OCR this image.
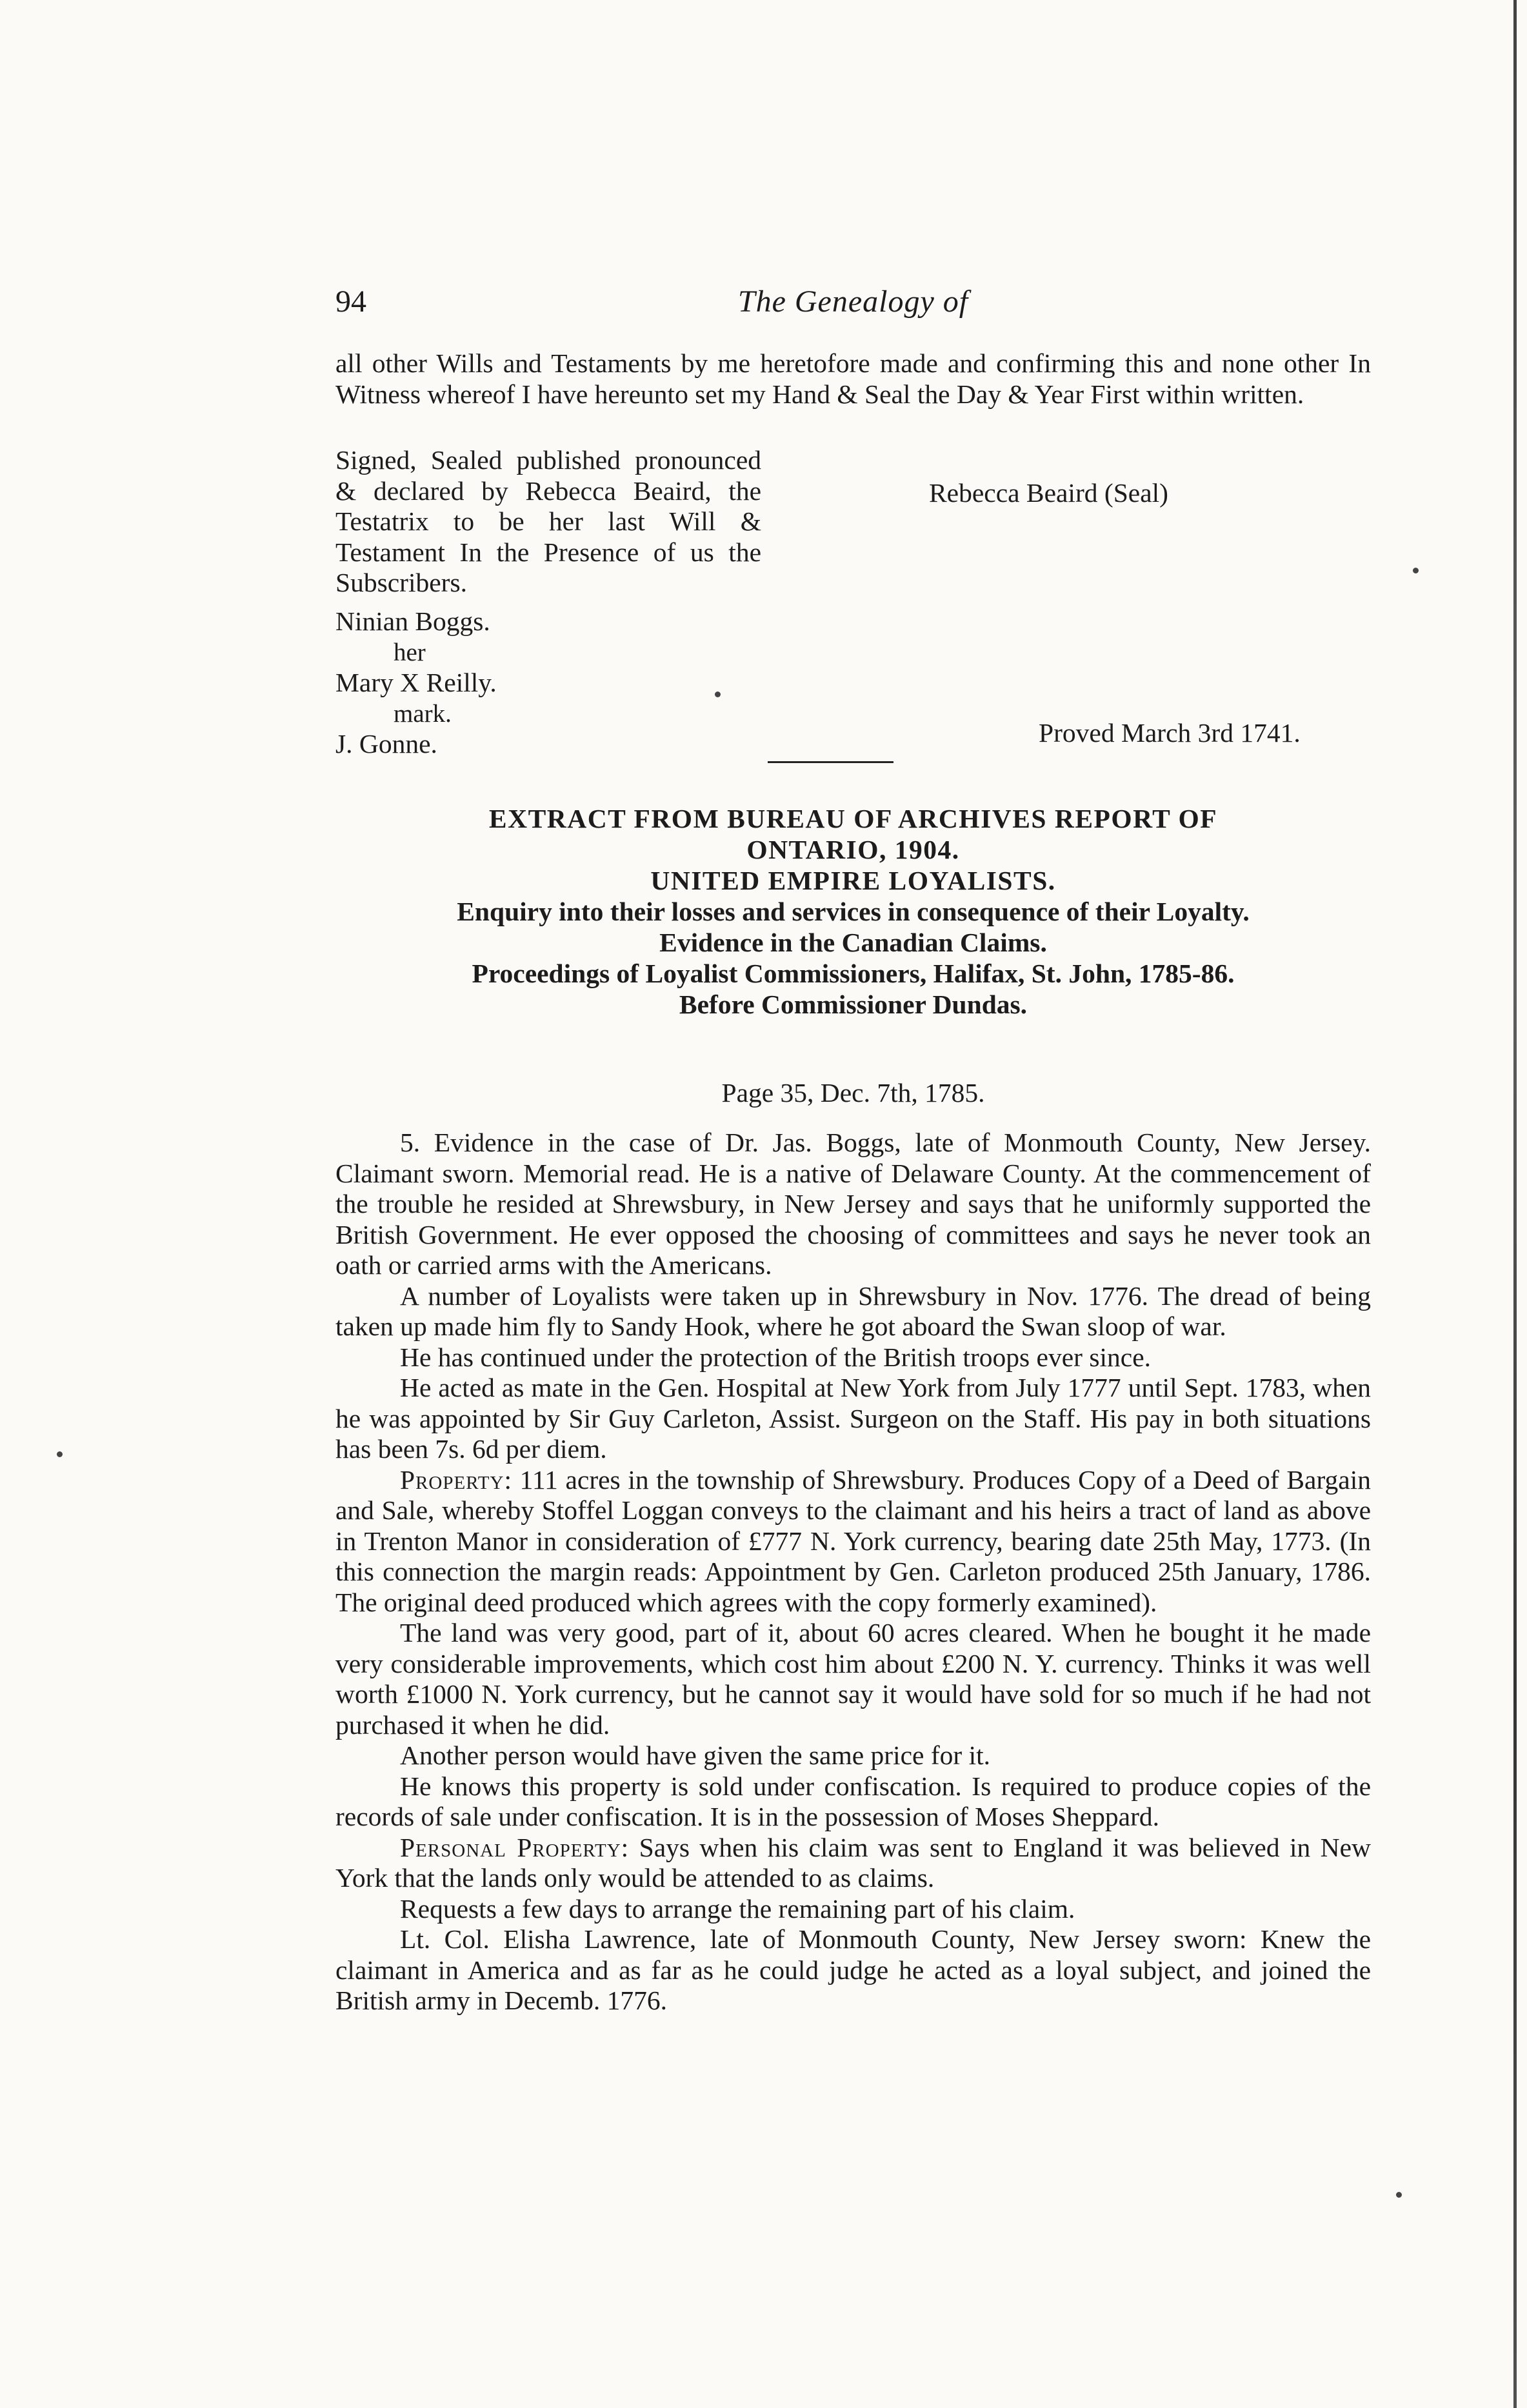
94	The Genealogy of

all other Wills and Testaments by me heretofore made and confirming this and none other In Witness whereof I have hereunto set my Hand & Seal the Day & Year First within written.

Signed, Sealed published pronounced & declared by Rebecca Beaird, the Testatrix to be her last Will & Testament In the Presence of us the Subscribers.
Rebecca Beaird (Seal)
Ninian Boggs.
her
Mary X Reilly.
mark.
J. Gonne.	Proved March 3rd 1741.
EXTRACT FROM BUREAU OF ARCHIVES REPORT OF
ONTARIO, 1904.
UNITED EMPIRE LOYALISTS.
Enquiry into their losses and services in consequence of their Loyalty.
Evidence in the Canadian Claims.
Proceedings of Loyalist Commissioners, Halifax, St. John, 1785-86.
Before Commissioner Dundas.
Page 35, Dec. 7th, 1785.

5. Evidence in the case of Dr. Jas. Boggs, late of Monmouth County, New Jersey. Claimant sworn. Memorial read. He is a native of Delaware County. At the commencement of the trouble he resided at Shrewsbury, in New Jersey and says that he uniformly supported the British Government. He ever opposed the choosing of committees and says he never took an oath or carried arms with the Americans.

A number of Loyalists were taken up in Shrewsbury in Nov. 1776. The dread of being taken up made him fly to Sandy Hook, where he got aboard the Swan sloop of war.

He has continued under the protection of the British troops ever since.

He acted as mate in the Gen. Hospital at New York from July 1777 until Sept. 1783, when he was appointed by Sir Guy Carleton, Assist. Surgeon on the Staff. His pay in both situations has been 7s. 6d per diem.

Property: 111 acres in the township of Shrewsbury. Produces Copy of a Deed of Bargain and Sale, whereby Stoffel Loggan conveys to the claimant and his heirs a tract of land as above in Trenton Manor in consideration of £777 N. York currency, bearing date 25th May, 1773. (In this connection the margin reads: Appointment by Gen. Carleton produced 25th January, 1786. The original deed produced which agrees with the copy formerly examined).

The land was very good, part of it, about 60 acres cleared. When he bought it he made very considerable improvements, which cost him about £200 N. Y. currency. Thinks it was well worth £1000 N. York currency, but he cannot say it would have sold for so much if he had not purchased it when he did.

Another person would have given the same price for it.

He knows this property is sold under confiscation. Is required to produce copies of the records of sale under confiscation. It is in the possession of Moses Sheppard.

Personal Property: Says when his claim was sent to England it was believed in New York that the lands only would be attended to as claims.

Requests a few days to arrange the remaining part of his claim.

Lt. Col. Elisha Lawrence, late of Monmouth County, New Jersey sworn: Knew the claimant in America and as far as he could judge he acted as a loyal subject, and joined the British army in Decemb. 1776.
